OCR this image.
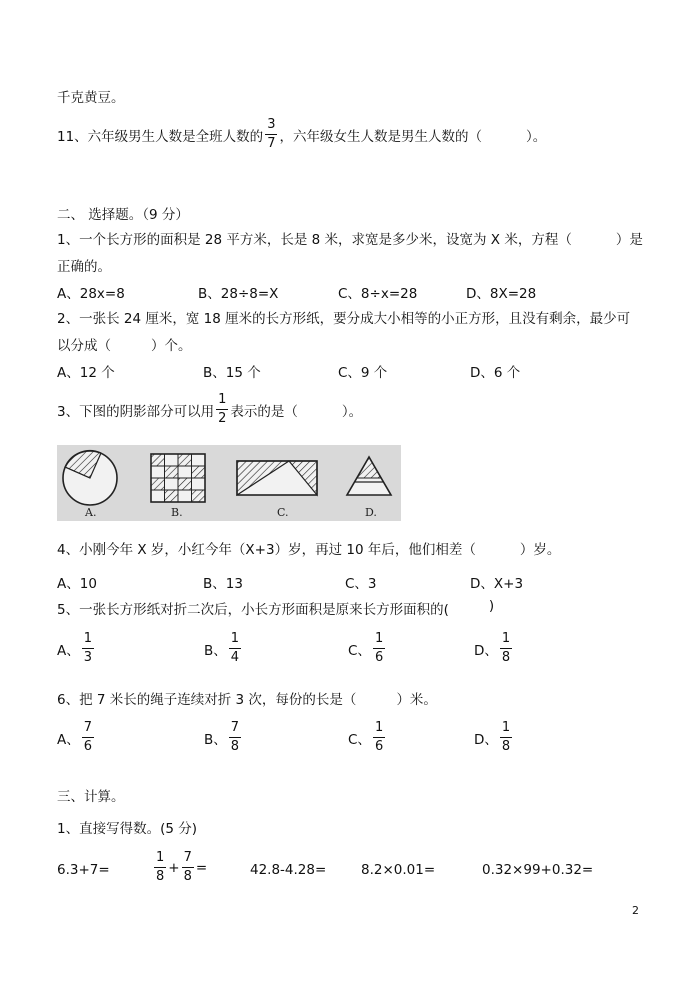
千克黄豆。
11、六年级男生人数是全班人数的 $\frac{3}{7}$ ，六年级女生人数是男生人数的（	）。
二、 选择题。（9 分）
1、一个长方形的面积是 28 平方米，长是 8 米，求宽是多少米，设宽为 X 米，方程（	）是
正确的。
A、28x=8	B、28÷8=X	C、8÷x=28	D、8X=28
2、一张长 24 厘米，宽 18 厘米的长方形纸，要分成大小相等的小正方形，且没有剩余，最少可
以分成（	）个。
A、12 个	B、15 个	C、9 个	D、6 个
3、下图的阴影部分可以用 $\frac{1}{2}$ 表示的是（	）。
A.	B.	C.	D.
4、小刚今年 X 岁，小红今年（X+3）岁，再过 10 年后，他们相差（	）岁。
A、10	B、13	C、3	D、X+3
5、一张长方形纸对折二次后，小长方形面积是原来长方形面积的(	)
A、 $\frac{1}{3}$	B、 $\frac{1}{4}$	C、 $\frac{1}{6}$	D、 $\frac{1}{8}$
6、把 7 米长的绳子连续对折 3 次，每份的长是（	）米。
A、 $\frac{7}{6}$	B、 $\frac{7}{8}$	C、 $\frac{1}{6}$	D、 $\frac{1}{8}$
三、计算。
1、直接写得数。(5 分)
6.3+7=	$\frac{1}{8} + \frac{7}{8}$ =	42.8-4.28=	8.2×0.01=	0.32×99+0.32=
2
